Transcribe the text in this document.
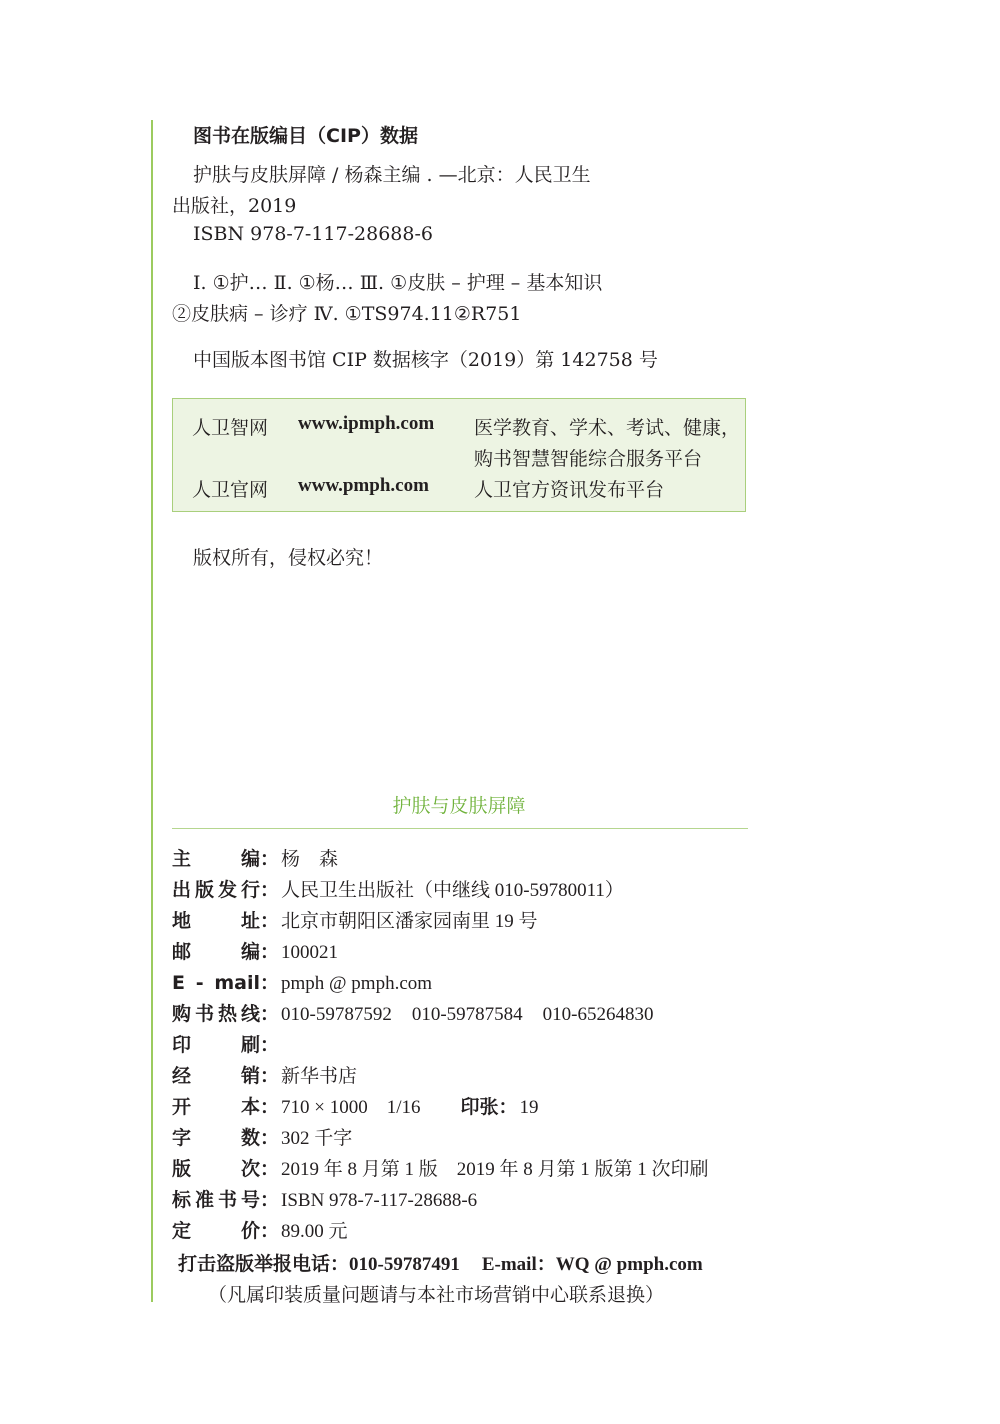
图书在版编目（CIP）数据
护肤与皮肤屏障 / 杨森主编 . —北京：人民卫生
出版社，2019
ISBN 978-7-117-28688-6
Ⅰ. ①护… Ⅱ. ①杨… Ⅲ. ①皮肤 – 护理 – 基本知识
②皮肤病 – 诊疗 Ⅳ. ①TS974.11②R751
中国版本图书馆 CIP 数据核字（2019）第 142758 号
人卫智网 www.ipmph.com 医学教育、学术、考试、健康，
购书智慧智能综合服务平台
人卫官网 www.pmph.com 人卫官方资讯发布平台
版权所有，侵权必究！
护肤与皮肤屏障
主编： 杨　森
出版发行： 人民卫生出版社（中继线 010-59780011）
地址： 北京市朝阳区潘家园南里 19 号
邮编： 100021
E - mail： pmph @ pmph.com
购书热线： 010-59787592 010-59787584 010-65264830
印刷：
经销： 新华书店
开本： 710 × 1000　1/16 印张： 19
字数： 302 千字
版次： 2019 年 8 月第 1 版　2019 年 8 月第 1 版第 1 次印刷
标准书号： ISBN 978-7-117-28688-6
定价： 89.00 元
打击盗版举报电话：010-59787491 E-mail：WQ @ pmph.com
（凡属印装质量问题请与本社市场营销中心联系退换）
